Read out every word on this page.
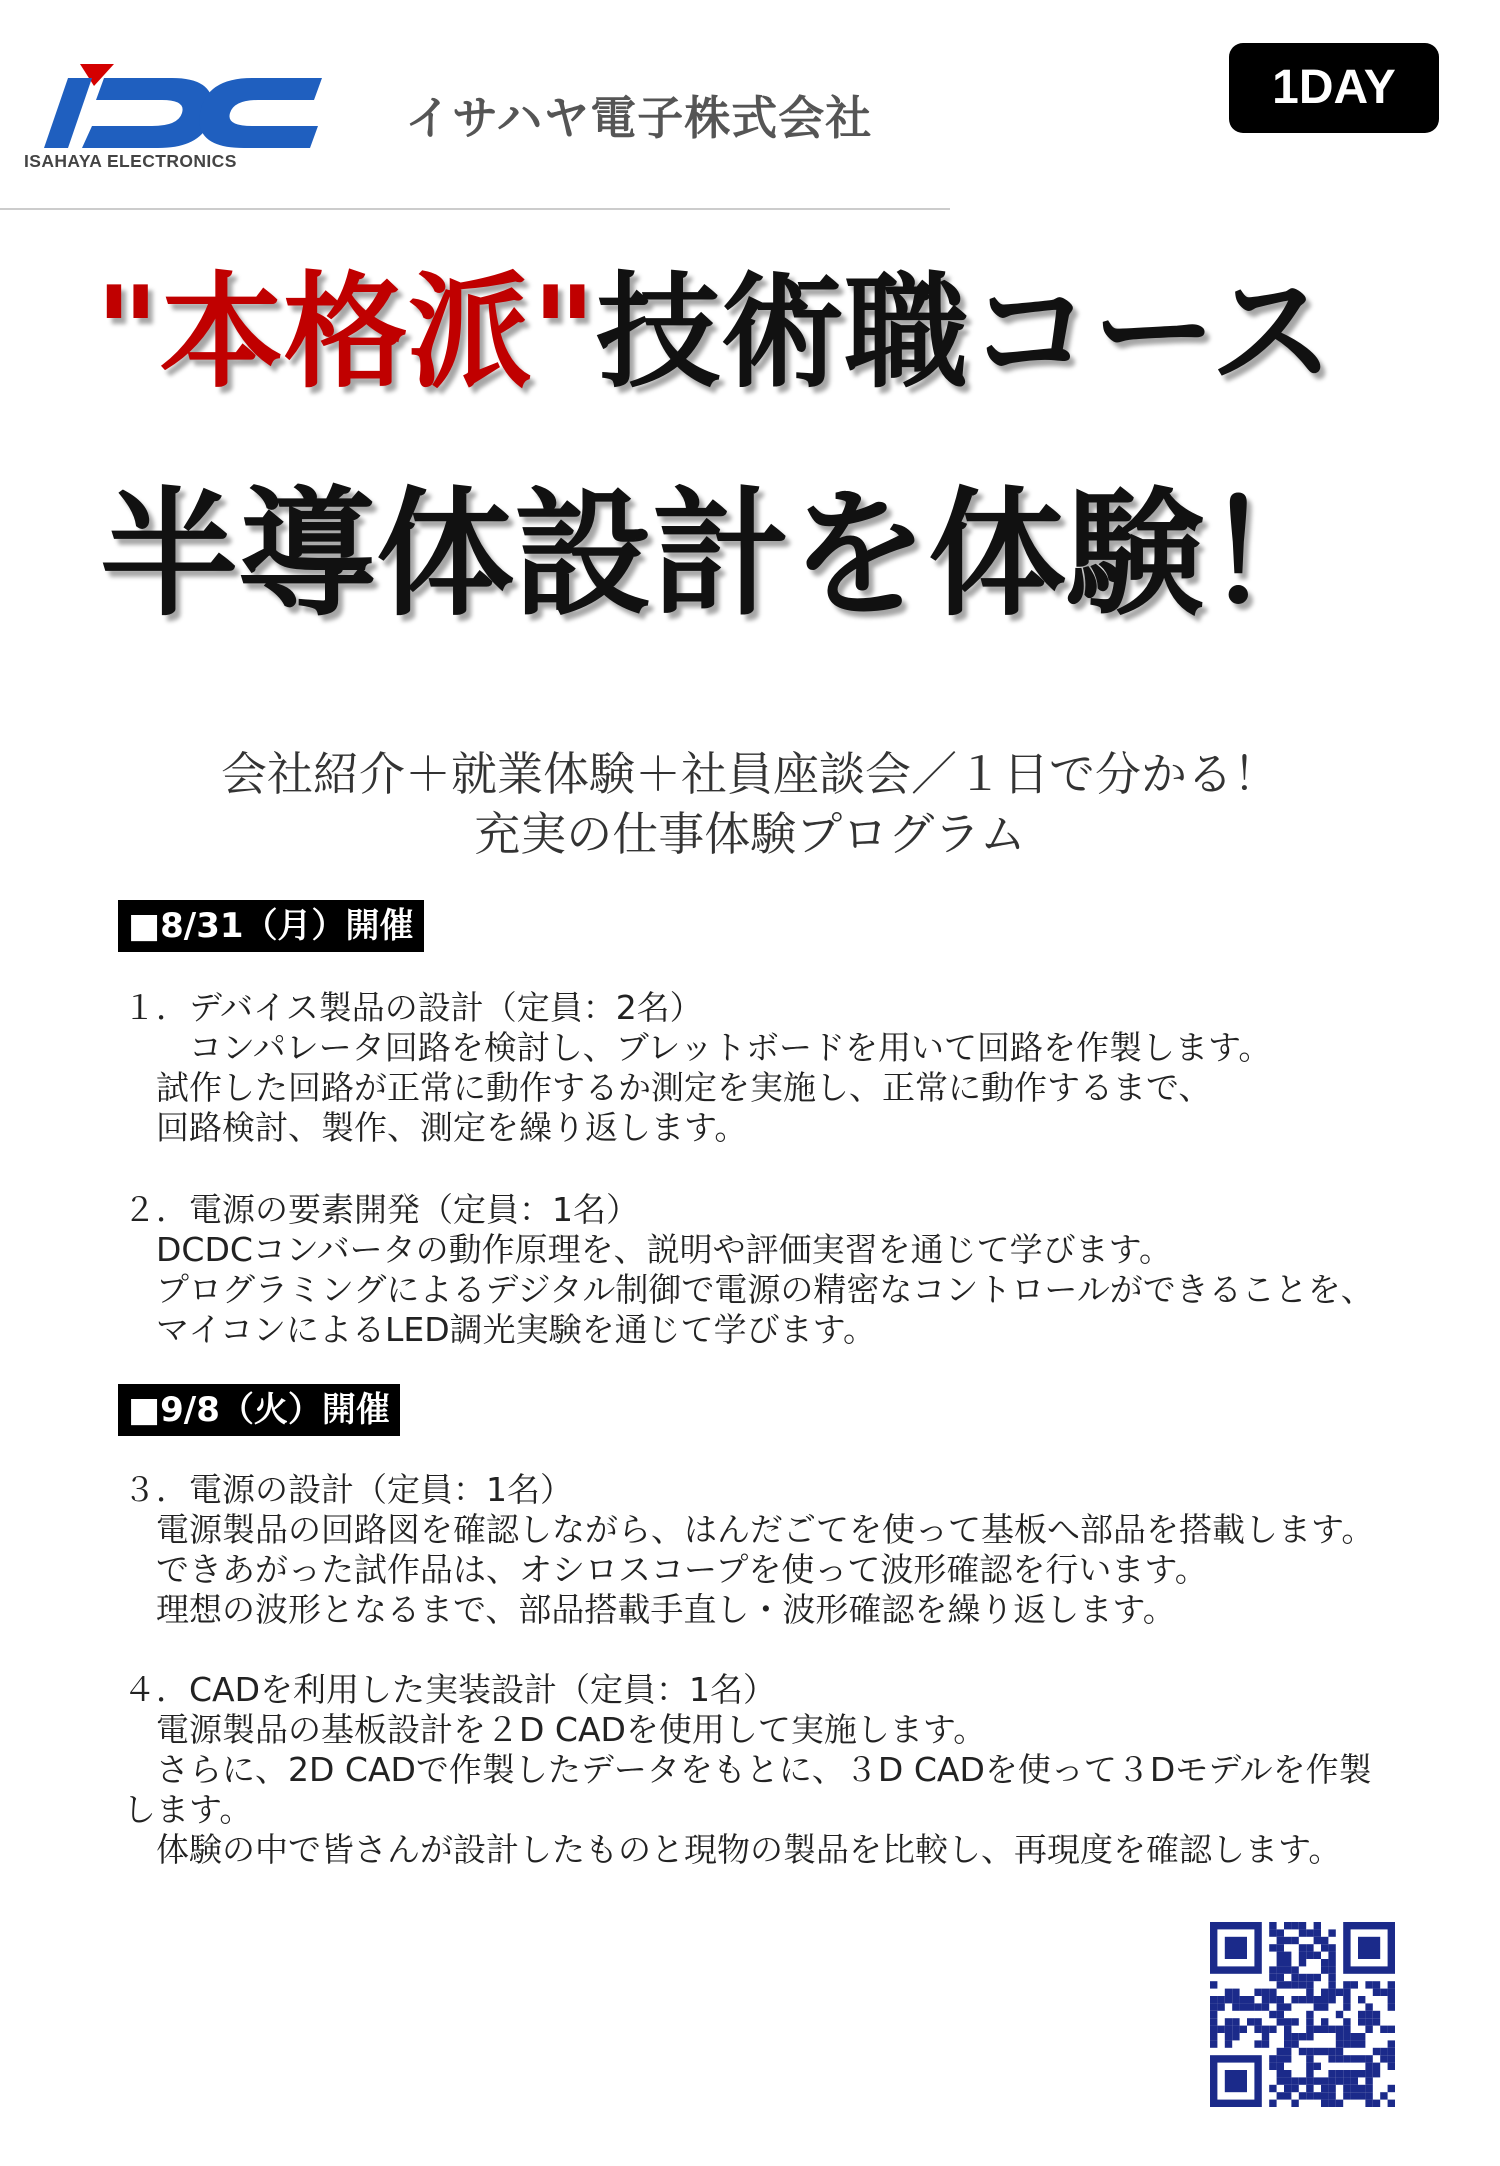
ISAHAYA ELECTRONICS
イサハヤ電子株式会社
1DAY
"本格派"技術職コース
半導体設計を体験！
会社紹介＋就業体験＋社員座談会／１日で分かる！
充実の仕事体験プログラム
■8/31（月）開催
１．デバイス製品の設計（定員：2名）
　　コンパレータ回路を検討し、ブレットボードを用いて回路を作製します。
　試作した回路が正常に動作するか測定を実施し、正常に動作するまで、
　回路検討、製作、測定を繰り返します。
２．電源の要素開発（定員：1名）
　DCDCコンバータの動作原理を、説明や評価実習を通じて学びます。
　プログラミングによるデジタル制御で電源の精密なコントロールができることを、
　マイコンによるLED調光実験を通じて学びます。
■9/8（火）開催
３．電源の設計（定員：1名）
　電源製品の回路図を確認しながら、はんだごてを使って基板へ部品を搭載します。
　できあがった試作品は、オシロスコープを使って波形確認を行います。
　理想の波形となるまで、部品搭載手直し・波形確認を繰り返します。
４．CADを利用した実装設計（定員：1名）
　電源製品の基板設計を２D CADを使用して実施します。
　さらに、2D CADで作製したデータをもとに、３D CADを使って３Dモデルを作製
します。
　体験の中で皆さんが設計したものと現物の製品を比較し、再現度を確認します。
